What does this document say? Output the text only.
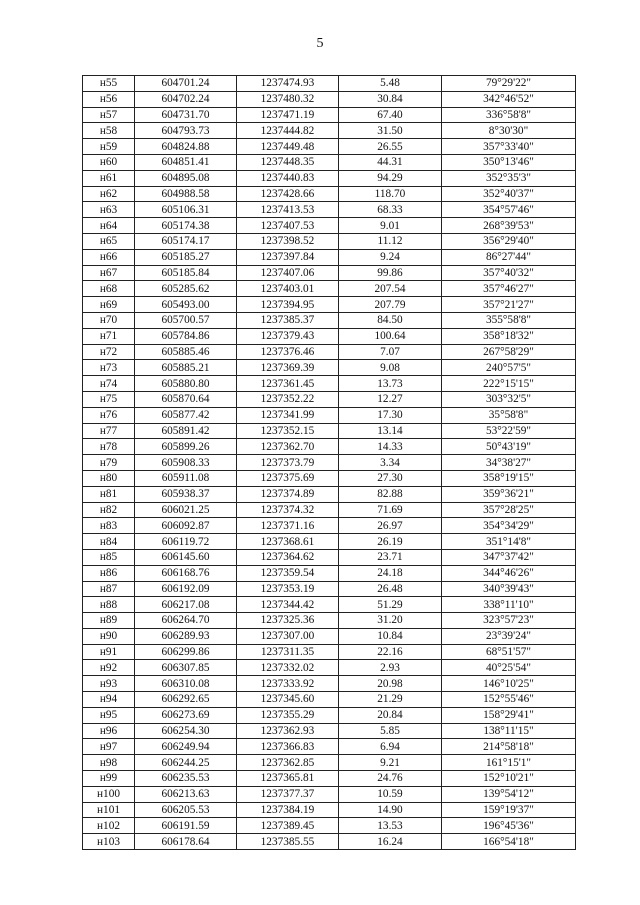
5
н55	604701.24	1237474.93	5.48	79°29'22"
н56	604702.24	1237480.32	30.84	342°46'52"
н57	604731.70	1237471.19	67.40	336°58'8"
н58	604793.73	1237444.82	31.50	8°30'30"
н59	604824.88	1237449.48	26.55	357°33'40"
н60	604851.41	1237448.35	44.31	350°13'46"
н61	604895.08	1237440.83	94.29	352°35'3"
н62	604988.58	1237428.66	118.70	352°40'37"
н63	605106.31	1237413.53	68.33	354°57'46"
н64	605174.38	1237407.53	9.01	268°39'53"
н65	605174.17	1237398.52	11.12	356°29'40"
н66	605185.27	1237397.84	9.24	86°27'44"
н67	605185.84	1237407.06	99.86	357°40'32"
н68	605285.62	1237403.01	207.54	357°46'27"
н69	605493.00	1237394.95	207.79	357°21'27"
н70	605700.57	1237385.37	84.50	355°58'8"
н71	605784.86	1237379.43	100.64	358°18'32"
н72	605885.46	1237376.46	7.07	267°58'29"
н73	605885.21	1237369.39	9.08	240°57'5"
н74	605880.80	1237361.45	13.73	222°15'15"
н75	605870.64	1237352.22	12.27	303°32'5"
н76	605877.42	1237341.99	17.30	35°58'8"
н77	605891.42	1237352.15	13.14	53°22'59"
н78	605899.26	1237362.70	14.33	50°43'19"
н79	605908.33	1237373.79	3.34	34°38'27"
н80	605911.08	1237375.69	27.30	358°19'15"
н81	605938.37	1237374.89	82.88	359°36'21"
н82	606021.25	1237374.32	71.69	357°28'25"
н83	606092.87	1237371.16	26.97	354°34'29"
н84	606119.72	1237368.61	26.19	351°14'8"
н85	606145.60	1237364.62	23.71	347°37'42"
н86	606168.76	1237359.54	24.18	344°46'26"
н87	606192.09	1237353.19	26.48	340°39'43"
н88	606217.08	1237344.42	51.29	338°11'10"
н89	606264.70	1237325.36	31.20	323°57'23"
н90	606289.93	1237307.00	10.84	23°39'24"
н91	606299.86	1237311.35	22.16	68°51'57"
н92	606307.85	1237332.02	2.93	40°25'54"
н93	606310.08	1237333.92	20.98	146°10'25"
н94	606292.65	1237345.60	21.29	152°55'46"
н95	606273.69	1237355.29	20.84	158°29'41"
н96	606254.30	1237362.93	5.85	138°11'15"
н97	606249.94	1237366.83	6.94	214°58'18"
н98	606244.25	1237362.85	9.21	161°15'1"
н99	606235.53	1237365.81	24.76	152°10'21"
н100	606213.63	1237377.37	10.59	139°54'12"
н101	606205.53	1237384.19	14.90	159°19'37"
н102	606191.59	1237389.45	13.53	196°45'36"
н103	606178.64	1237385.55	16.24	166°54'18"
